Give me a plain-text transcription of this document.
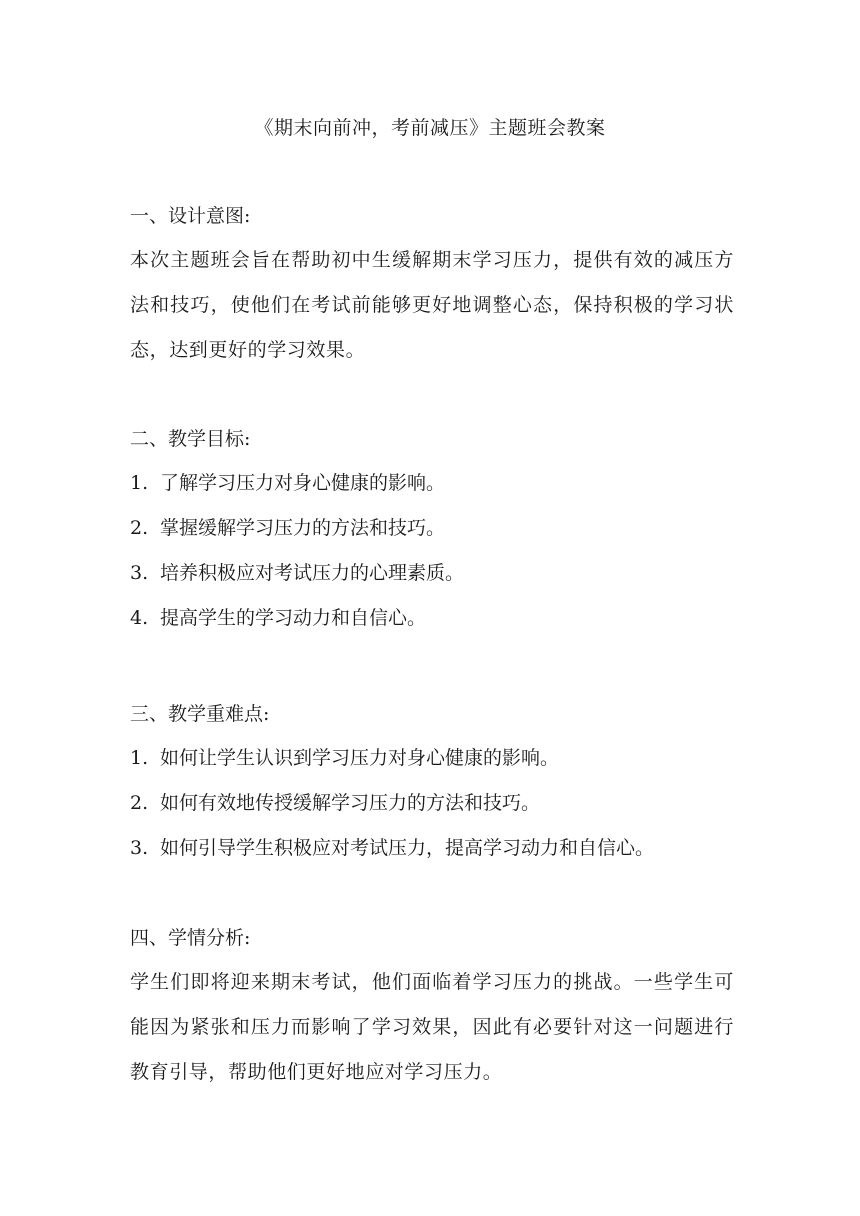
《期末向前冲，考前减压》主题班会教案

一、设计意图:

本次主题班会旨在帮助初中生缓解期末学习压力，提供有效的减压方法和技巧，使他们在考试前能够更好地调整心态，保持积极的学习状态，达到更好的学习效果。

二、教学目标:

1. 了解学习压力对身心健康的影响。

2. 掌握缓解学习压力的方法和技巧。

3. 培养积极应对考试压力的心理素质。

4. 提高学生的学习动力和自信心。

三、教学重难点:

1. 如何让学生认识到学习压力对身心健康的影响。

2. 如何有效地传授缓解学习压力的方法和技巧。

3. 如何引导学生积极应对考试压力，提高学习动力和自信心。

四、学情分析:

学生们即将迎来期末考试，他们面临着学习压力的挑战。一些学生可能因为紧张和压力而影响了学习效果，因此有必要针对这一问题进行教育引导，帮助他们更好地应对学习压力。
